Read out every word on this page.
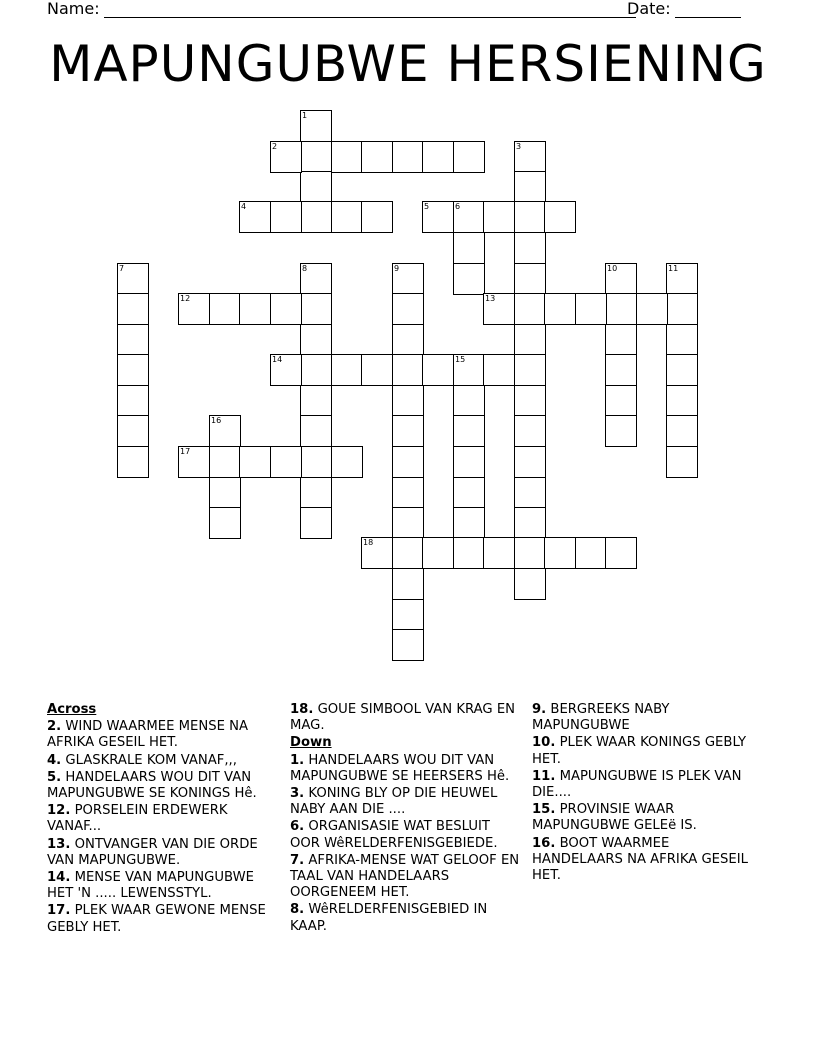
Name:	Date:
MAPUNGUBWE HERSIENING
1
2	3
4	5	6
7	8	9	10	11
12	13
14	15
16
17
18
Across
2. WIND WAARMEE MENSE NA AFRIKA GESEIL HET.
4. GLASKRALE KOM VANAF,,,
5. HANDELAARS WOU DIT VAN MAPUNGUBWE SE KONINGS Hê.
12. PORSELEIN ERDEWERK VANAF...
13. ONTVANGER VAN DIE ORDE VAN MAPUNGUBWE.
14. MENSE VAN MAPUNGUBWE HET 'N ..... LEWENSSTYL.
17. PLEK WAAR GEWONE MENSE GEBLY HET.
18. GOUE SIMBOOL VAN KRAG EN MAG.
Down
1. HANDELAARS WOU DIT VAN MAPUNGUBWE SE HEERSERS Hê.
3. KONING BLY OP DIE HEUWEL NABY AAN DIE ....
6. ORGANISASIE WAT BESLUIT OOR WêRELDERFENISGEBIEDE.
7. AFRIKA-MENSE WAT GELOOF EN TAAL VAN HANDELAARS OORGENEEM HET.
8. WêRELDERFENISGEBIED IN KAAP.
9. BERGREEKS NABY MAPUNGUBWE
10. PLEK WAAR KONINGS GEBLY HET.
11. MAPUNGUBWE IS PLEK VAN DIE....
15. PROVINSIE WAAR MAPUNGUBWE GELEë IS.
16. BOOT WAARMEE HANDELAARS NA AFRIKA GESEIL HET.
